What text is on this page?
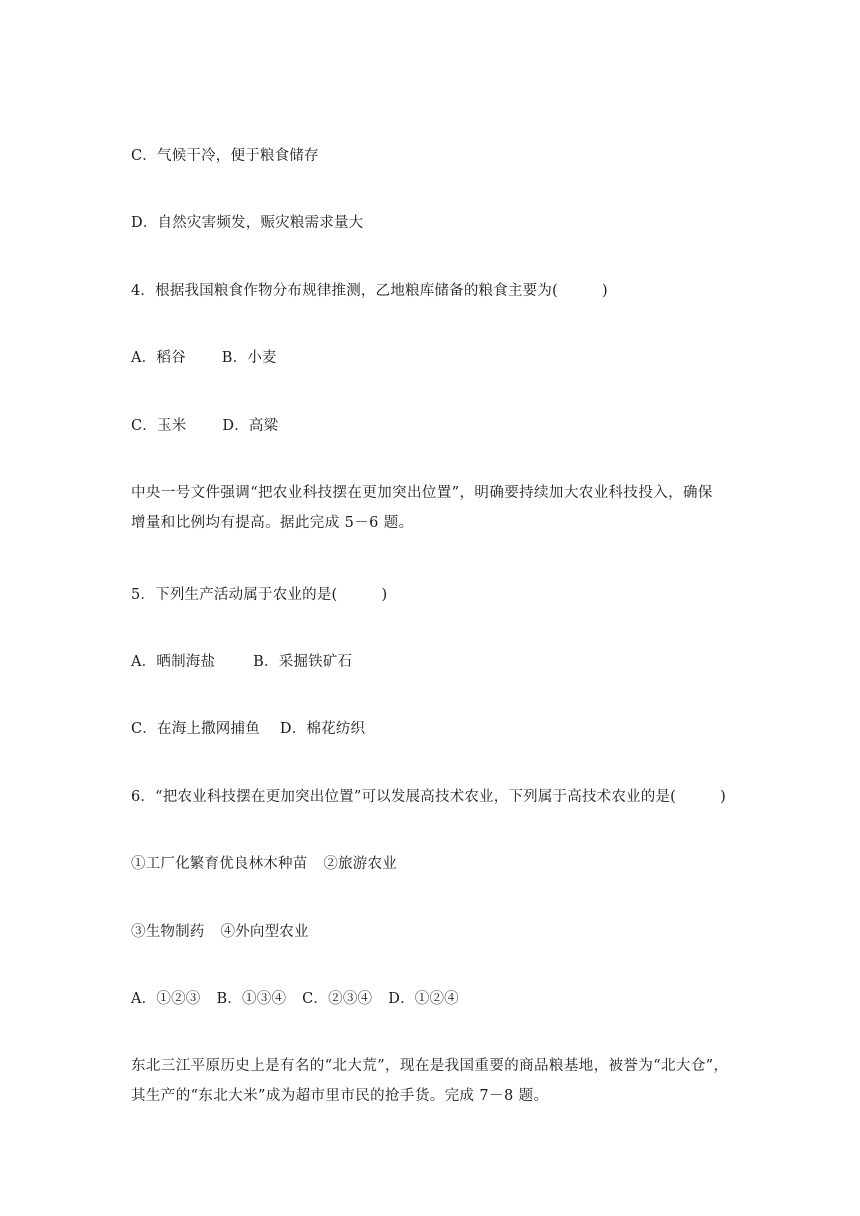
C．气候干冷，便于粮食储存
D．自然灾害频发，赈灾粮需求量大
4．根据我国粮食作物分布规律推测，乙地粮库储备的粮食主要为(　　　)
A．稻谷 B．小麦
C．玉米 D．高粱
中央一号文件强调“把农业科技摆在更加突出位置”，明确要持续加大农业科技投入，确保
增量和比例均有提高。据此完成 5－6 题。
5．下列生产活动属于农业的是(　　　)
A．晒制海盐	B．采掘铁矿石
C．在海上撒网捕鱼 D．棉花纺织
6．“把农业科技摆在更加突出位置”可以发展高技术农业，下列属于高技术农业的是(　　　)
①工厂化繁育优良林木种苗 ②旅游农业
③生物制药 ④外向型农业
A．①②③ B．①③④ C．②③④ D．①②④
东北三江平原历史上是有名的“北大荒”，现在是我国重要的商品粮基地，被誉为“北大仓”，
其生产的“东北大米”成为超市里市民的抢手货。完成 7－8 题。
